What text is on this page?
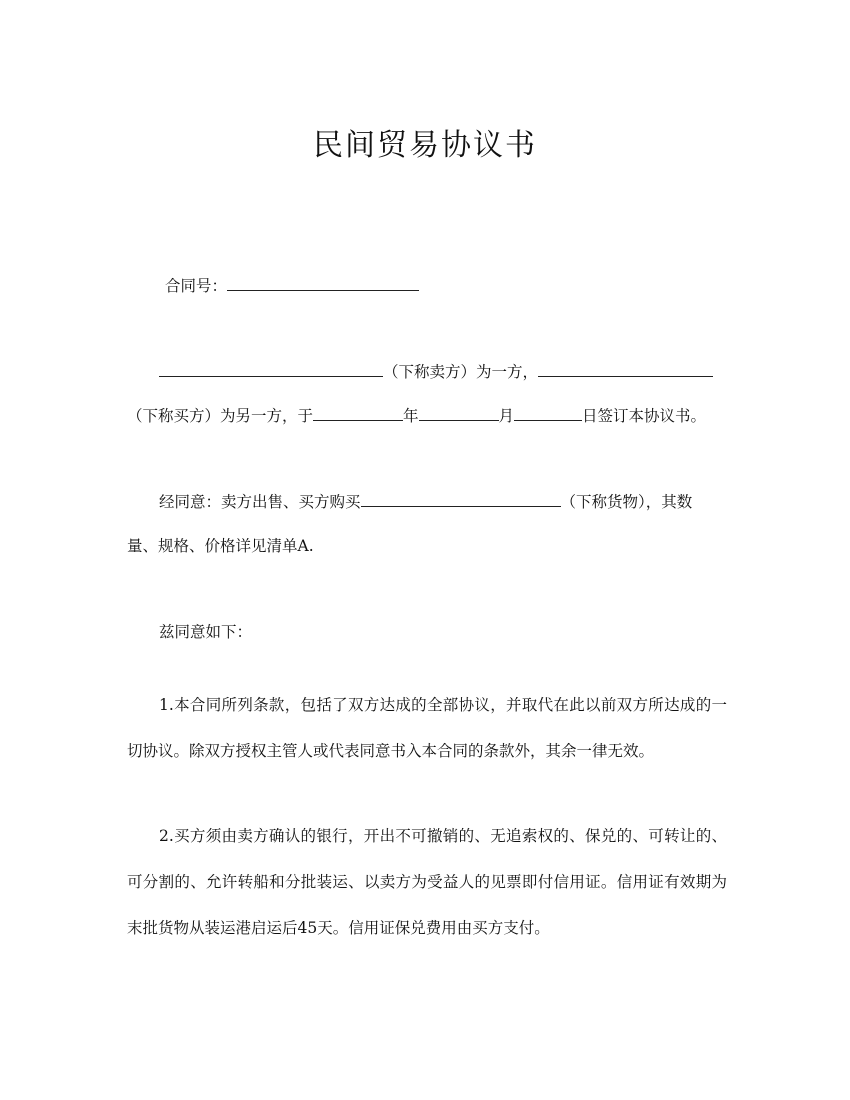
民间贸易协议书
合同号：
（下称卖方）为一方，
（下称买方）为另一方，于	年	月	日签订本协议书。
经同意：卖方出售、买方购买	（下称货物），其数
量、规格、价格详见清单A.
兹同意如下：

1.本合同所列条款，包括了双方达成的全部协议，并取代在此以前双方所达成的一切协议。除双方授权主管人或代表同意书入本合同的条款外，其余一律无效。

2.买方须由卖方确认的银行，开出不可撤销的、无追索权的、保兑的、可转让的、可分割的、允许转船和分批装运、以卖方为受益人的见票即付信用证。信用证有效期为末批货物从装运港启运后45天。信用证保兑费用由买方支付。
